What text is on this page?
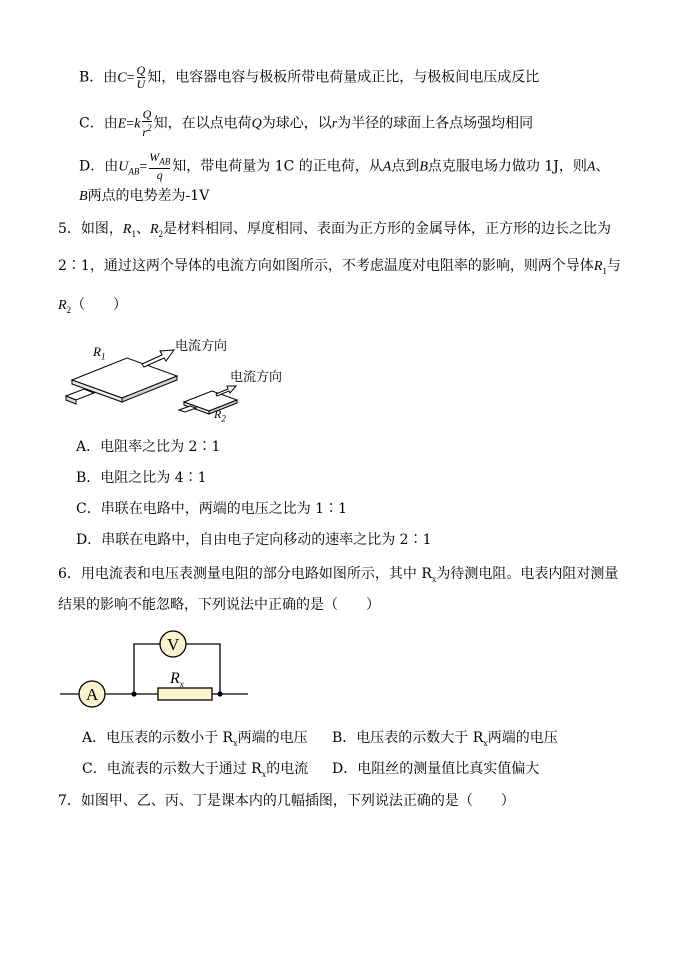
B．由$C= \frac{Q}{U}$ 知，电容器电容与极板所带电荷量成正比，与极板间电压成反比
C．由$E=k \frac{Q}{r^2}$ 知，在以点电荷Q为球心，以r为半径的球面上各点场强均相同
D．由$U_{AB}= \frac{W_{AB}}{q}$ 知，带电荷量为 1C 的正电荷，从A点到B点克服电场力做功 1J，则A、
B两点的电势差为-1V
5．如图，$R_1$、$R_2$是材料相同、厚度相同、表面为正方形的金属导体，正方形的边长之比为
2∶1，通过这两个导体的电流方向如图所示，不考虑温度对电阻率的影响，则两个导体$R_1$与
$R_2$（　　）
$R_1$
电流方向
电流方向
$R_2$
A．电阻率之比为 2∶1
B．电阻之比为 4∶1
C．串联在电路中，两端的电压之比为 1∶1
D．串联在电路中，自由电子定向移动的速率之比为 2∶1
6．用电流表和电压表测量电阻的部分电路如图所示，其中 $R_x$为待测电阻。电表内阻对测量
结果的影响不能忽略，下列说法中正确的是（　　）
A
V
$R_x$
A．电压表的示数小于 $R_x$两端的电压 B．电压表的示数大于 $R_x$两端的电压
C．电流表的示数大于通过 $R_x$的电流 D．电阻丝的测量值比真实值偏大
7．如图甲、乙、丙、丁是课本内的几幅插图，下列说法正确的是（　　）
